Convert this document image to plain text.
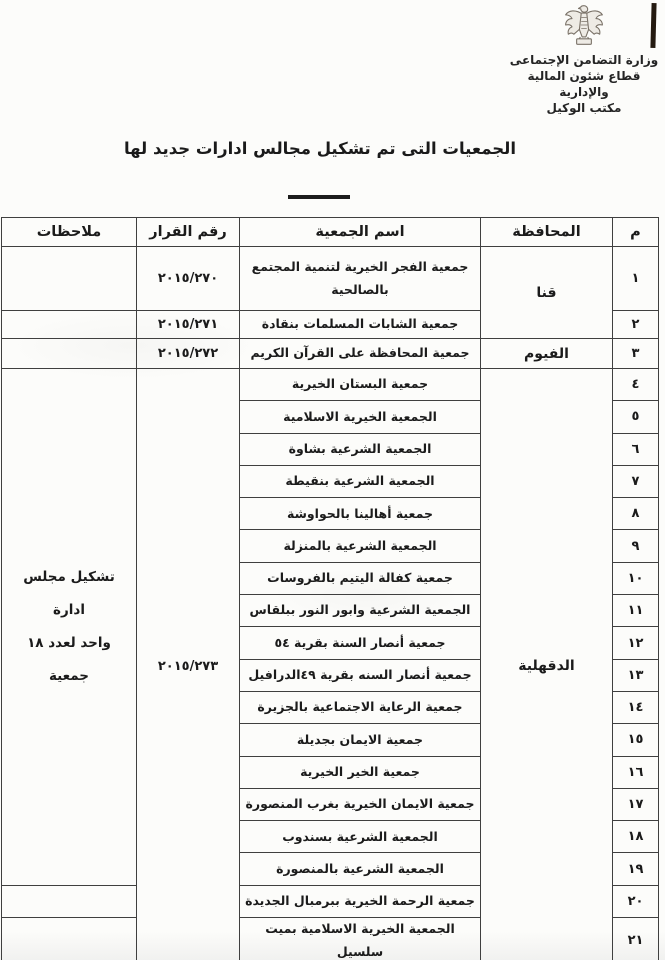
وزارة التضامن الإجتماعى
قطاع شئون المالية والإدارية
مكتب الوكيل
الجمعيات التى تم تشكيل مجالس ادارات جديد لها
م	المحافظة	اسم الجمعية	رقم القرار	ملاحظات
١	قنا	جمعية الفجر الخيرية لتنمية المجتمع بالصالحية	٢٠١٥/٢٧٠	
٢		جمعية الشابات المسلمات بنقادة	٢٠١٥/٢٧١	
٣	الفيوم	جمعية المحافظة على القرآن الكريم	٢٠١٥/٢٧٢	
٤	الدقهلية	جمعية البستان الخيرية	٢٠١٥/٢٧٣	تشكيل مجلس ادارة
واحد لعدد ١٨ جمعية

٥		الجمعية الخيرية الاسلامية		
٦		الجمعية الشرعية بشاوة		
٧		الجمعية الشرعية بنقيطة		
٨		جمعية أهالينا بالحواوشة		
٩		الجمعية الشرعية بالمنزلة		
١٠		جمعية كفالة اليتيم بالفروسات		
١١		الجمعية الشرعية وابور النور ببلقاس		
١٢		جمعية أنصار السنة بقرية ٥٤		
١٣		جمعية أنصار السنه بقرية ٤٩الدرافيل		
١٤		جمعية الرعاية الاجتماعية بالجزيرة		
١٥		جمعية الايمان بجديلة		
١٦		جمعية الخير الخيرية		
١٧		جمعية الايمان الخيرية بغرب المنصورة		
١٨		الجمعية الشرعية بسندوب		
١٩		الجمعية الشرعية بالمنصورة		
٢٠		جمعية الرحمة الخيرية ببرمبال الجديدة		
٢١		الجمعية الخيرية الاسلامية بميت سلسيل		
